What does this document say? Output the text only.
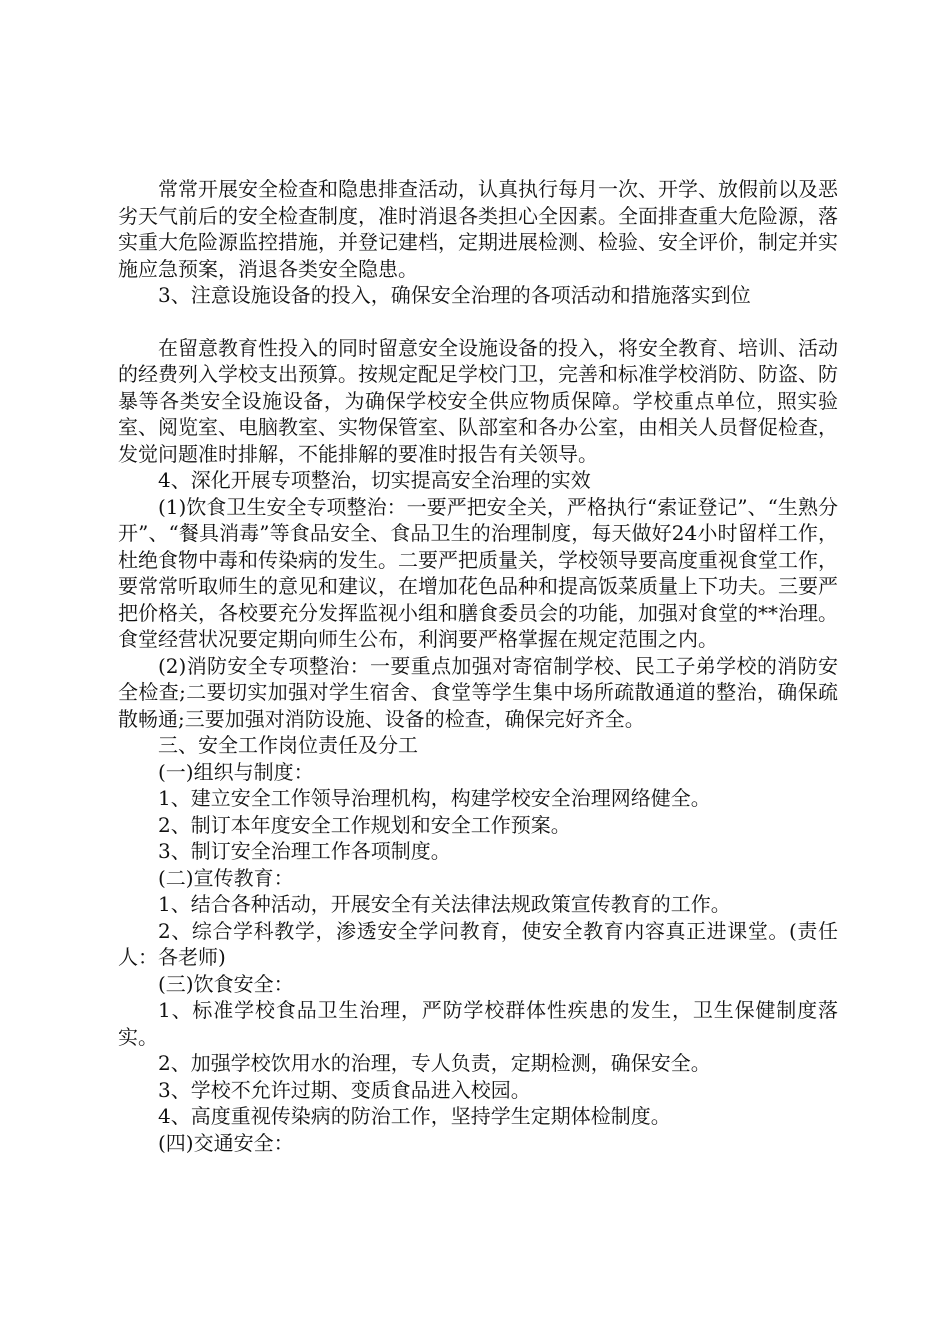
常常开展安全检查和隐患排查活动，认真执行每月一次、开学、放假前以及恶劣天气前后的安全检查制度，准时消退各类担心全因素。全面排查重大危险源，落实重大危险源监控措施，并登记建档，定期进展检测、检验、安全评价，制定并实施应急预案，消退各类安全隐患。

3、注意设施设备的投入，确保安全治理的各项活动和措施落实到位

在留意教育性投入的同时留意安全设施设备的投入，将安全教育、培训、活动的经费列入学校支出预算。按规定配足学校门卫，完善和标准学校消防、防盗、防暴等各类安全设施设备，为确保学校安全供应物质保障。学校重点单位，照实验室、阅览室、电脑教室、实物保管室、队部室和各办公室，由相关人员督促检查，发觉问题准时排解，不能排解的要准时报告有关领导。

4、深化开展专项整治，切实提高安全治理的实效

(1)饮食卫生安全专项整治：一要严把安全关，严格执行“索证登记”、“生熟分开”、“餐具消毒”等食品安全、食品卫生的治理制度，每天做好24小时留样工作，杜绝食物中毒和传染病的发生。二要严把质量关，学校领导要高度重视食堂工作，要常常听取师生的意见和建议，在增加花色品种和提高饭菜质量上下功夫。三要严把价格关，各校要充分发挥监视小组和膳食委员会的功能，加强对食堂的**治理。食堂经营状况要定期向师生公布，利润要严格掌握在规定范围之内。

(2)消防安全专项整治：一要重点加强对寄宿制学校、民工子弟学校的消防安全检查;二要切实加强对学生宿舍、食堂等学生集中场所疏散通道的整治，确保疏散畅通;三要加强对消防设施、设备的检查，确保完好齐全。

三、安全工作岗位责任及分工

(一)组织与制度：

1、建立安全工作领导治理机构，构建学校安全治理网络健全。

2、制订本年度安全工作规划和安全工作预案。

3、制订安全治理工作各项制度。

(二)宣传教育：

1、结合各种活动，开展安全有关法律法规政策宣传教育的工作。

2、综合学科教学，渗透安全学问教育，使安全教育内容真正进课堂。(责任人：各老师)

(三)饮食安全：

1、标准学校食品卫生治理，严防学校群体性疾患的发生，卫生保健制度落实。

2、加强学校饮用水的治理，专人负责，定期检测，确保安全。

3、学校不允许过期、变质食品进入校园。

4、高度重视传染病的防治工作，坚持学生定期体检制度。

(四)交通安全：
